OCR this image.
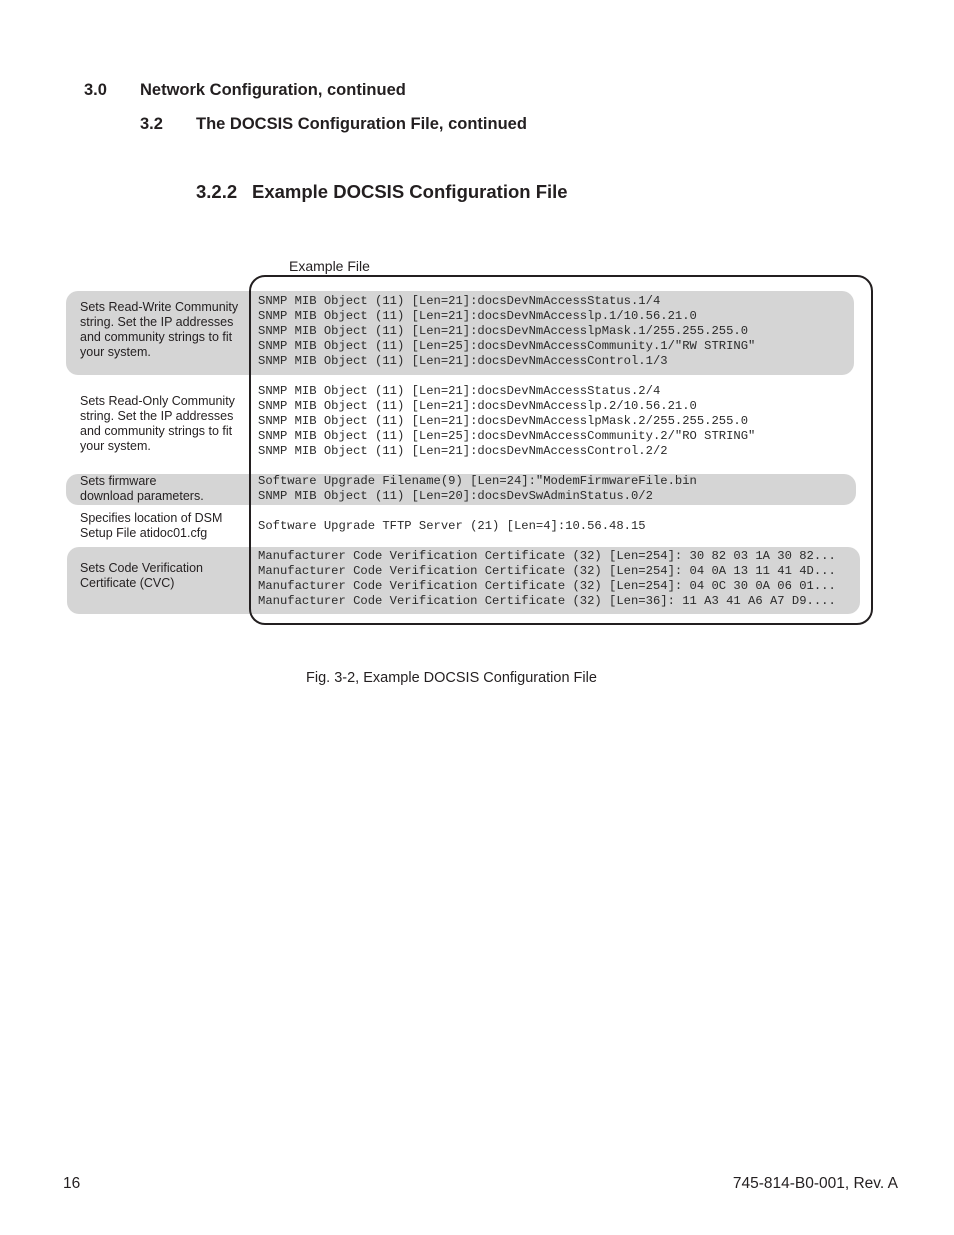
3.0 Network Configuration, continued
3.2 The DOCSIS Configuration File, continued
3.2.2 Example DOCSIS Configuration File
Example File
Sets Read-Write Community
string. Set the IP addresses
and community strings to fit
your system.
SNMP MIB Object (11) [Len=21]:docsDevNmAccessStatus.1/4
SNMP MIB Object (11) [Len=21]:docsDevNmAccesslp.1/10.56.21.0
SNMP MIB Object (11) [Len=21]:docsDevNmAccesslpMask.1/255.255.255.0
SNMP MIB Object (11) [Len=25]:docsDevNmAccessCommunity.1/"RW STRING"
SNMP MIB Object (11) [Len=21]:docsDevNmAccessControl.1/3
Sets Read-Only Community
string. Set the IP addresses
and community strings to fit
your system.
SNMP MIB Object (11) [Len=21]:docsDevNmAccessStatus.2/4
SNMP MIB Object (11) [Len=21]:docsDevNmAccesslp.2/10.56.21.0
SNMP MIB Object (11) [Len=21]:docsDevNmAccesslpMask.2/255.255.255.0
SNMP MIB Object (11) [Len=25]:docsDevNmAccessCommunity.2/"RO STRING"
SNMP MIB Object (11) [Len=21]:docsDevNmAccessControl.2/2
Sets firmware
download parameters.
Software Upgrade Filename(9) [Len=24]:"ModemFirmwareFile.bin
SNMP MIB Object (11) [Len=20]:docsDevSwAdminStatus.0/2
Specifies location of DSM
Setup File atidoc01.cfg	Software Upgrade TFTP Server (21) [Len=4]:10.56.48.15
Sets Code Verification
Certificate (CVC)
Manufacturer Code Verification Certificate (32) [Len=254]: 30 82 03 1A 30 82...
Manufacturer Code Verification Certificate (32) [Len=254]: 04 0A 13 11 41 4D...
Manufacturer Code Verification Certificate (32) [Len=254]: 04 0C 30 0A 06 01...
Manufacturer Code Verification Certificate (32) [Len=36]: 11 A3 41 A6 A7 D9....
Fig. 3-2, Example DOCSIS Configuration File
16	745-814-B0-001, Rev. A
